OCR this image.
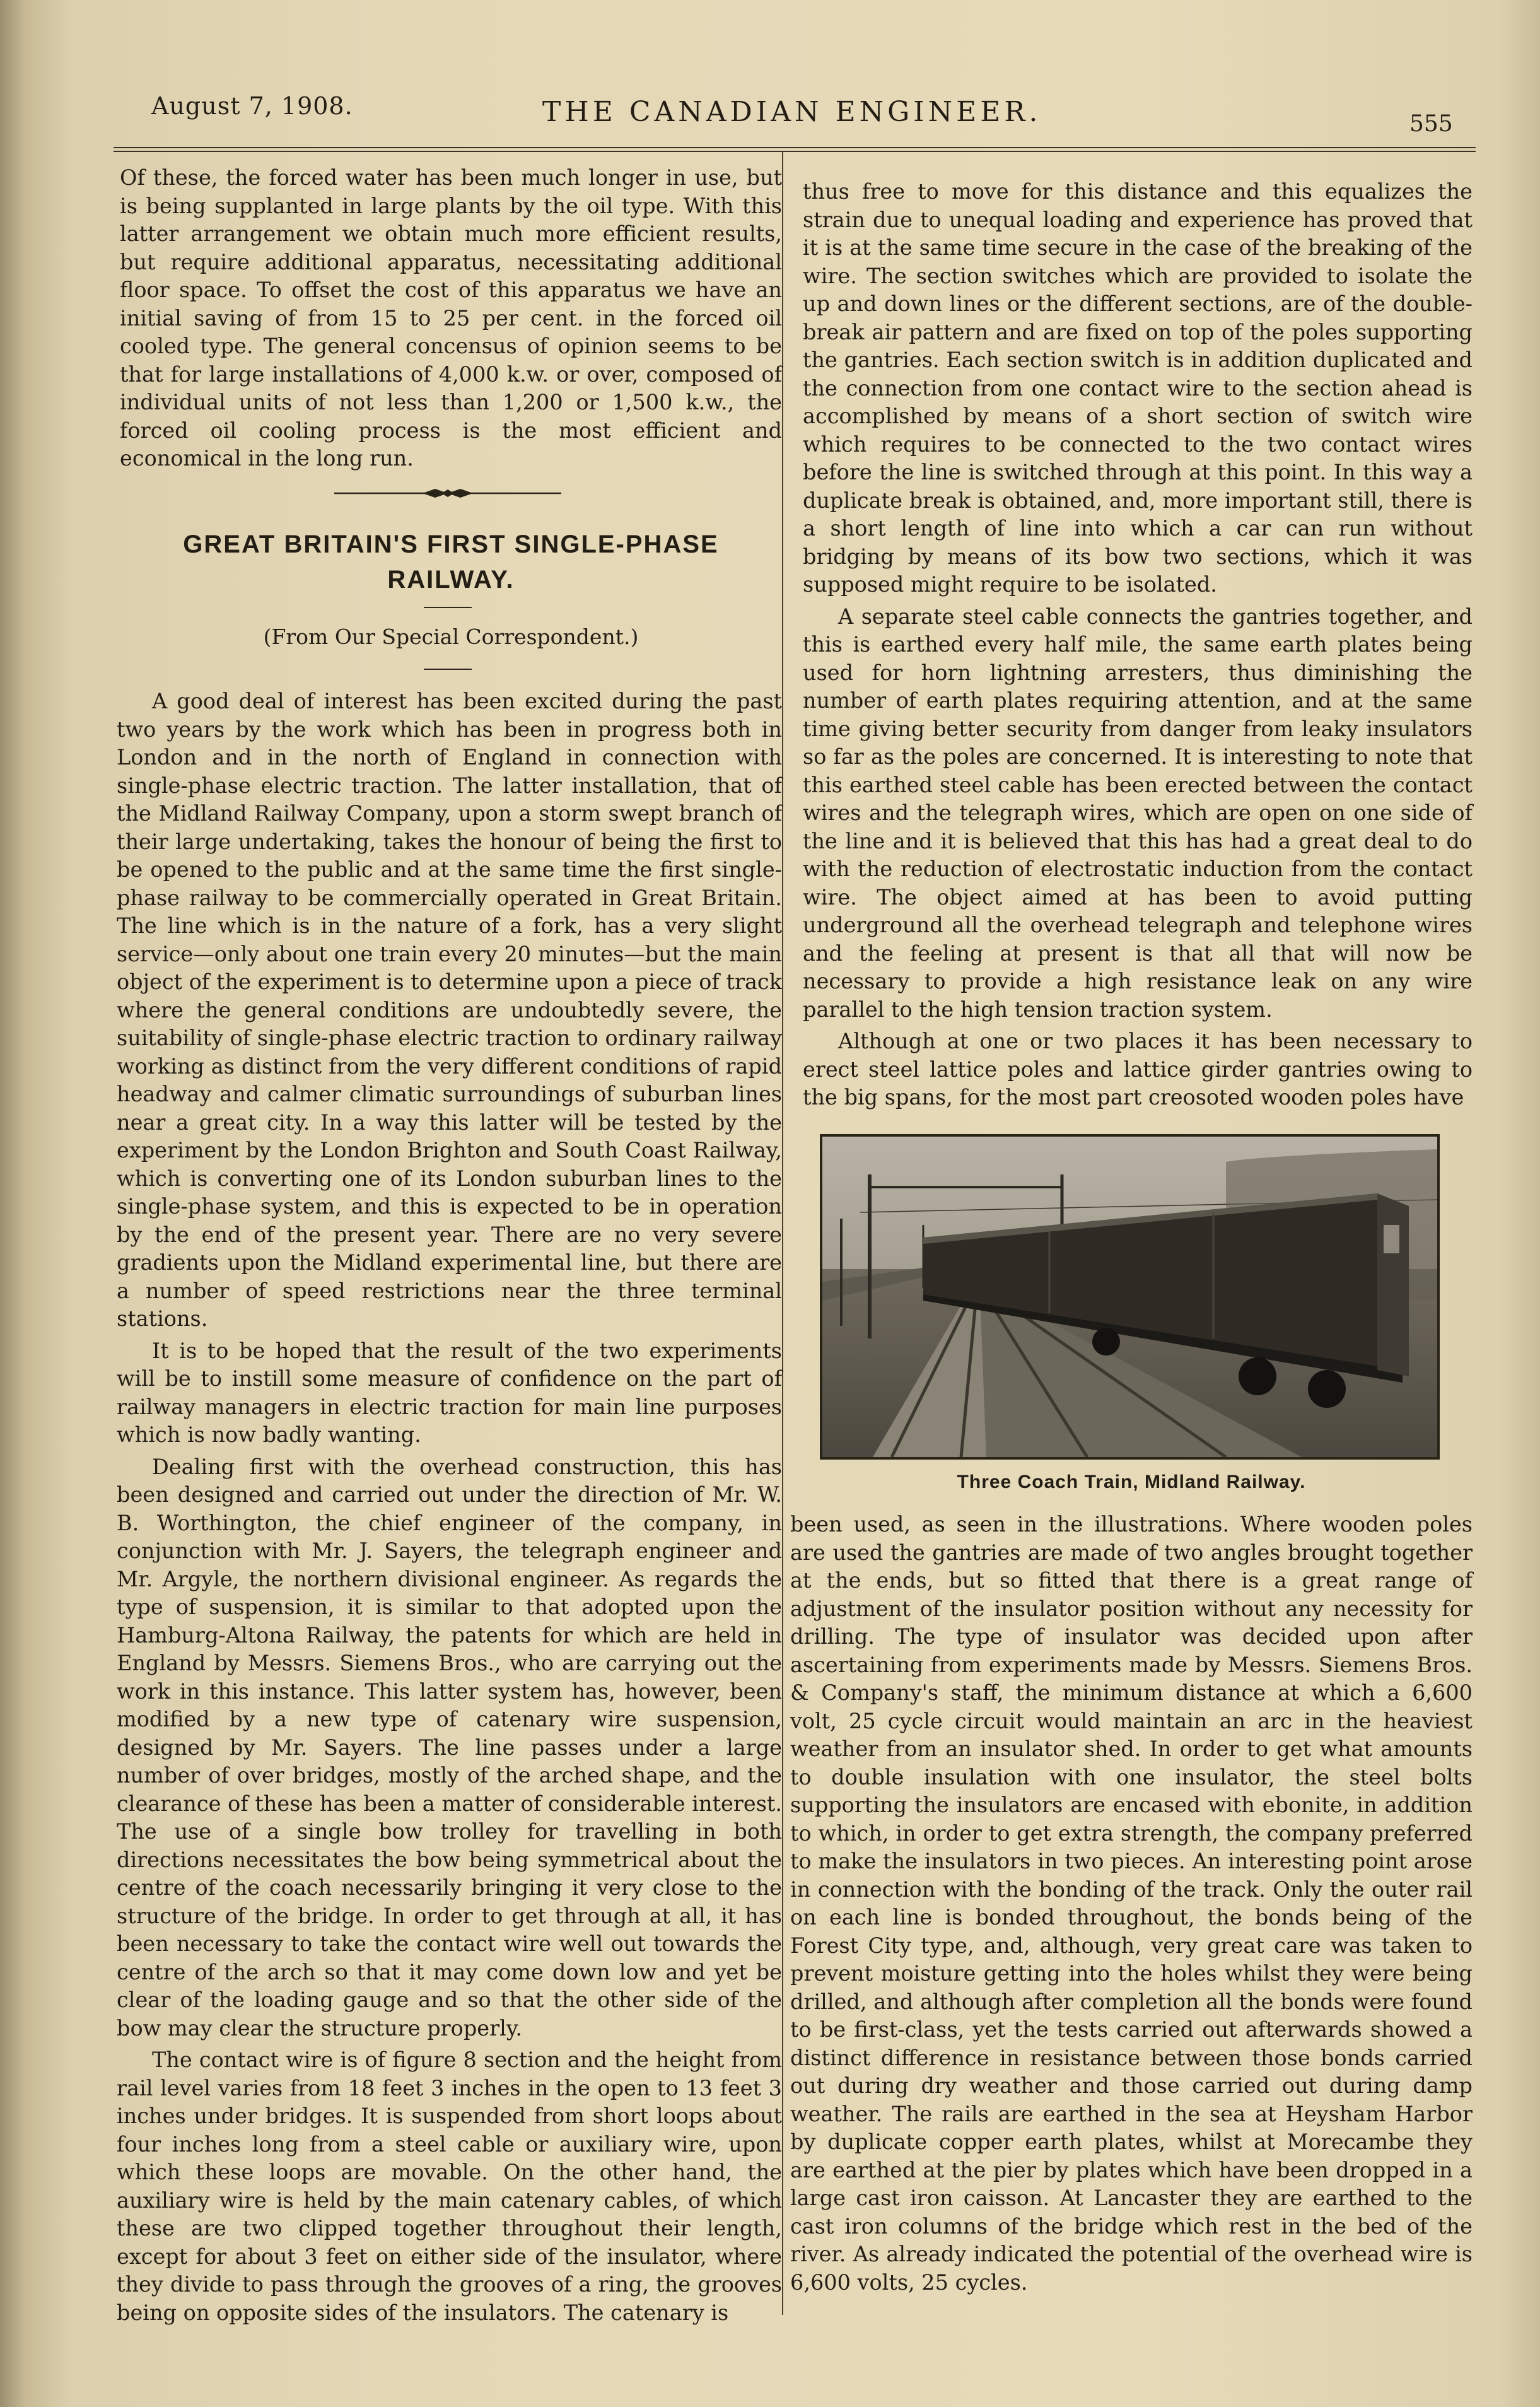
August 7, 1908.	THE CANADIAN ENGINEER.	555

Of these, the forced water has been much longer in use, but is being supplanted in large plants by the oil type. With this latter arrangement we obtain much more efficient results, but require additional apparatus, necessitating additional floor space. To offset the cost of this apparatus we have an initial saving of from 15 to 25 per cent. in the forced oil cooled type. The general concensus of opinion seems to be that for large installations of 4,000 k.w. or over, composed of individual units of not less than 1,200 or 1,500 k.w., the forced oil cooling process is the most efficient and economical in the long run.

GREAT BRITAIN'S FIRST SINGLE-PHASE
RAILWAY.
(From Our Special Correspondent.)

A good deal of interest has been excited during the past two years by the work which has been in progress both in London and in the north of England in connection with single-phase electric traction. The latter installation, that of the Midland Railway Company, upon a storm swept branch of their large undertaking, takes the honour of being the first to be opened to the public and at the same time the first single-phase railway to be commercially operated in Great Britain. The line which is in the nature of a fork, has a very slight service—only about one train every 20 minutes—but the main object of the experiment is to determine upon a piece of track where the general conditions are undoubtedly severe, the suitability of single-phase electric traction to ordinary railway working as distinct from the very different conditions of rapid headway and calmer climatic surroundings of suburban lines near a great city. In a way this latter will be tested by the experiment by the London Brighton and South Coast Railway, which is converting one of its London suburban lines to the single-phase system, and this is expected to be in operation by the end of the present year. There are no very severe gradients upon the Midland experimental line, but there are a number of speed restrictions near the three terminal stations.

It is to be hoped that the result of the two experiments will be to instill some measure of confidence on the part of railway managers in electric traction for main line purposes which is now badly wanting.

Dealing first with the overhead construction, this has been designed and carried out under the direction of Mr. W. B. Worthington, the chief engineer of the company, in conjunction with Mr. J. Sayers, the telegraph engineer and Mr. Argyle, the northern divisional engineer. As regards the type of suspension, it is similar to that adopted upon the Hamburg-Altona Railway, the patents for which are held in England by Messrs. Siemens Bros., who are carrying out the work in this instance. This latter system has, however, been modified by a new type of catenary wire suspension, designed by Mr. Sayers. The line passes under a large number of over bridges, mostly of the arched shape, and the clearance of these has been a matter of considerable interest. The use of a single bow trolley for travelling in both directions necessitates the bow being symmetrical about the centre of the coach necessarily bringing it very close to the structure of the bridge. In order to get through at all, it has been necessary to take the contact wire well out towards the centre of the arch so that it may come down low and yet be clear of the loading gauge and so that the other side of the bow may clear the structure properly.

The contact wire is of figure 8 section and the height from rail level varies from 18 feet 3 inches in the open to 13 feet 3 inches under bridges. It is suspended from short loops about four inches long from a steel cable or auxiliary wire, upon which these loops are movable. On the other hand, the auxiliary wire is held by the main catenary cables, of which these are two clipped together throughout their length, except for about 3 feet on either side of the insulator, where they divide to pass through the grooves of a ring, the grooves being on opposite sides of the insulators. The catenary is

thus free to move for this distance and this equalizes the strain due to unequal loading and experience has proved that it is at the same time secure in the case of the breaking of the wire. The section switches which are provided to isolate the up and down lines or the different sections, are of the double-break air pattern and are fixed on top of the poles supporting the gantries. Each section switch is in addition duplicated and the connection from one contact wire to the section ahead is accomplished by means of a short section of switch wire which requires to be connected to the two contact wires before the line is switched through at this point. In this way a duplicate break is obtained, and, more important still, there is a short length of line into which a car can run without bridging by means of its bow two sections, which it was supposed might require to be isolated.

A separate steel cable connects the gantries together, and this is earthed every half mile, the same earth plates being used for horn lightning arresters, thus diminishing the number of earth plates requiring attention, and at the same time giving better security from danger from leaky insulators so far as the poles are concerned. It is interesting to note that this earthed steel cable has been erected between the contact wires and the telegraph wires, which are open on one side of the line and it is believed that this has had a great deal to do with the reduction of electrostatic induction from the contact wire. The object aimed at has been to avoid putting underground all the overhead telegraph and telephone wires and the feeling at present is that all that will now be necessary to provide a high resistance leak on any wire parallel to the high tension traction system.

Although at one or two places it has been necessary to erect steel lattice poles and lattice girder gantries owing to the big spans, for the most part creosoted wooden poles have

Three Coach Train, Midland Railway.

been used, as seen in the illustrations. Where wooden poles are used the gantries are made of two angles brought together at the ends, but so fitted that there is a great range of adjustment of the insulator position without any necessity for drilling. The type of insulator was decided upon after ascertaining from experiments made by Messrs. Siemens Bros. & Company's staff, the minimum distance at which a 6,600 volt, 25 cycle circuit would maintain an arc in the heaviest weather from an insulator shed. In order to get what amounts to double insulation with one insulator, the steel bolts supporting the insulators are encased with ebonite, in addition to which, in order to get extra strength, the company preferred to make the insulators in two pieces. An interesting point arose in connection with the bonding of the track. Only the outer rail on each line is bonded throughout, the bonds being of the Forest City type, and, although, very great care was taken to prevent moisture getting into the holes whilst they were being drilled, and although after completion all the bonds were found to be first-class, yet the tests carried out afterwards showed a distinct difference in resistance between those bonds carried out during dry weather and those carried out during damp weather. The rails are earthed in the sea at Heysham Harbor by duplicate copper earth plates, whilst at Morecambe they are earthed at the pier by plates which have been dropped in a large cast iron caisson. At Lancaster they are earthed to the cast iron columns of the bridge which rest in the bed of the river. As already indicated the potential of the overhead wire is 6,600 volts, 25 cycles.
